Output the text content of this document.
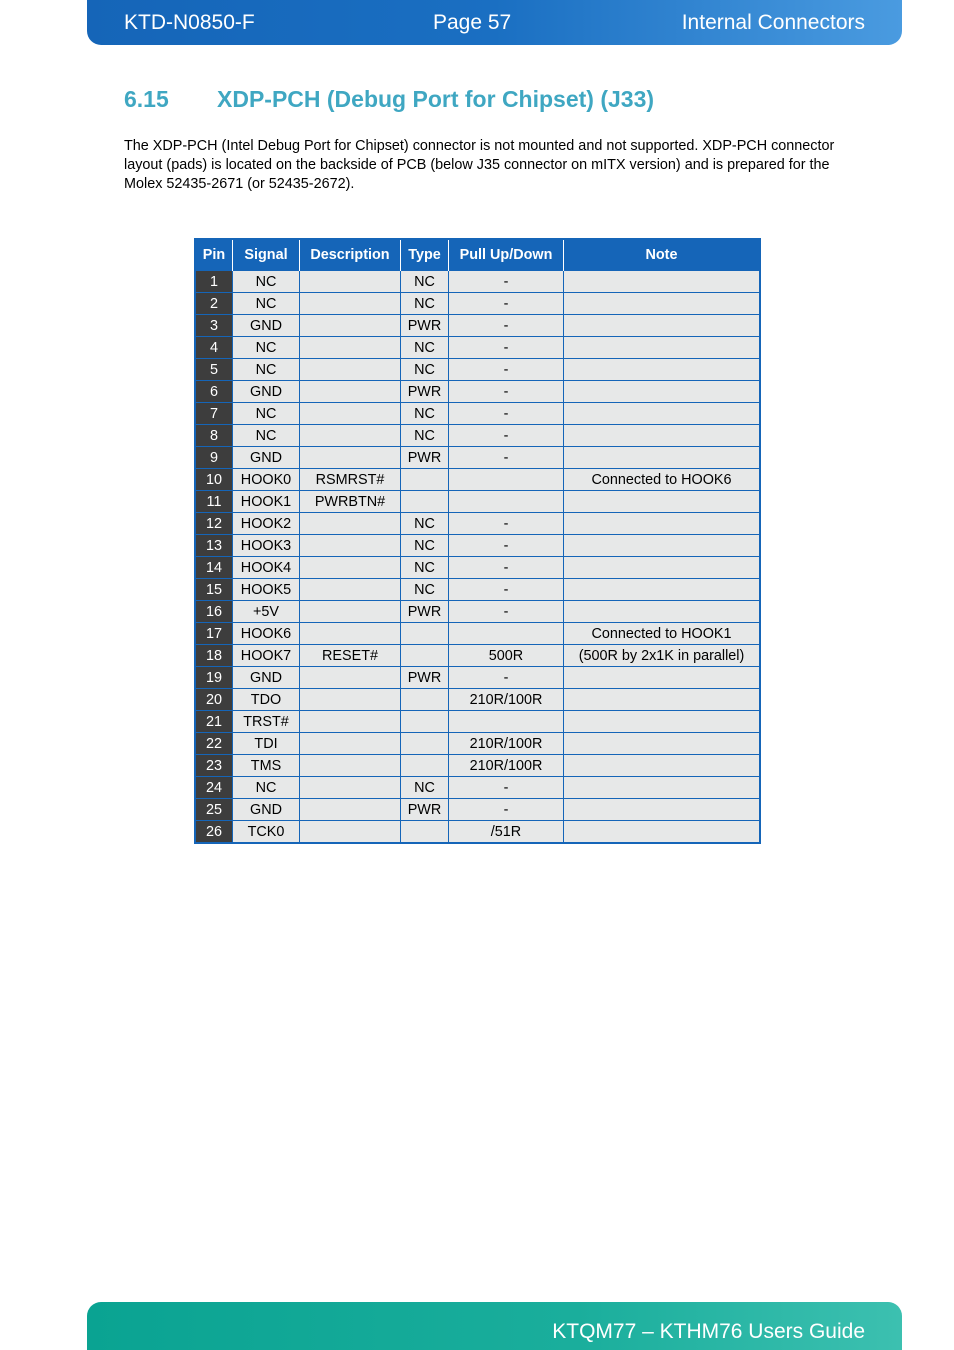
KTD-N0850-F	Page 57	Internal Connectors
6.15 XDP-PCH (Debug Port for Chipset) (J33)

The XDP-PCH (Intel Debug Port for Chipset) connector is not mounted and not supported. XDP-PCH connector layout (pads) is located on the backside of PCB (below J35 connector on mITX version) and is prepared for the Molex 52435-2671 (or 52435-2672).

Pin	Signal	Description	Type	Pull Up/Down	Note
1	NC		NC	-	
2	NC		NC	-	
3	GND		PWR	-	
4	NC		NC	-	
5	NC		NC	-	
6	GND		PWR	-	
7	NC		NC	-	
8	NC		NC	-	
9	GND		PWR	-	
10	HOOK0	RSMRST#			Connected to HOOK6
11	HOOK1	PWRBTN#			
12	HOOK2		NC	-	
13	HOOK3		NC	-	
14	HOOK4		NC	-	
15	HOOK5		NC	-	
16	+5V		PWR	-	
17	HOOK6				Connected to HOOK1
18	HOOK7	RESET#		500R	(500R by 2x1K in parallel)
19	GND		PWR	-	
20	TDO			210R/100R	
21	TRST#				
22	TDI			210R/100R	
23	TMS			210R/100R	
24	NC		NC	-	
25	GND		PWR	-	
26	TCK0			/51R	
KTQM77 – KTHM76 Users Guide
